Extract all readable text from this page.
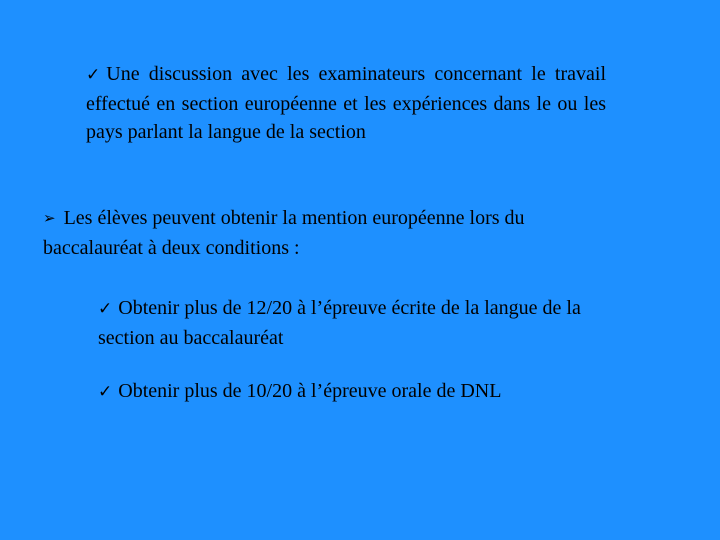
✓ Une discussion avec les examinateurs concernant le travail effectué en section européenne et les expériences dans le ou les pays parlant la langue de la section
➢ Les élèves peuvent obtenir la mention européenne lors du baccalauréat à deux conditions :
✓ Obtenir plus de 12/20 à l’épreuve écrite de la langue de la section au baccalauréat
✓ Obtenir plus de 10/20 à l’épreuve orale de DNL
